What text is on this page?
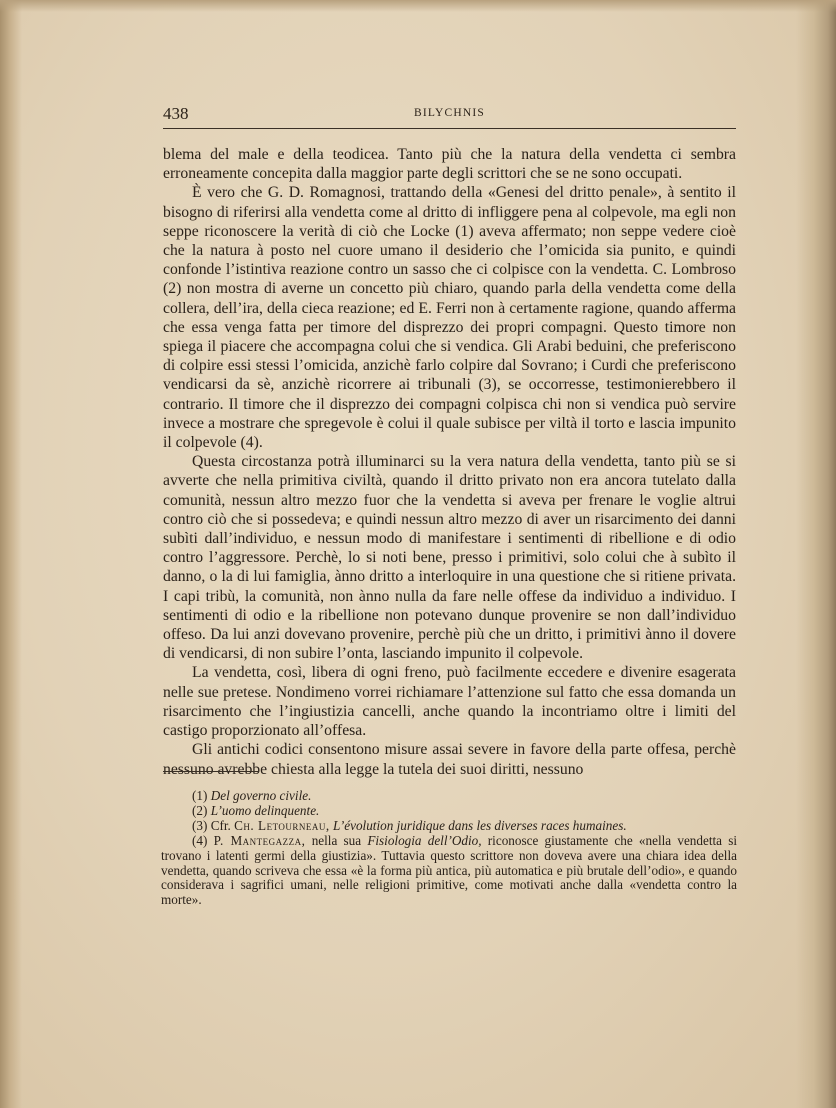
438	BILYCHNIS

blema del male e della teodicea. Tanto più che la natura della vendetta ci sembra erroneamente concepita dalla maggior parte degli scrittori che se ne sono occupati.

È vero che G. D. Romagnosi, trattando della «Genesi del dritto penale», à sentito il bisogno di riferirsi alla vendetta come al dritto di infliggere pena al colpevole, ma egli non seppe riconoscere la verità di ciò che Locke (1) aveva affermato; non seppe vedere cioè che la natura à posto nel cuore umano il desiderio che l’omicida sia punito, e quindi confonde l’istintiva reazione contro un sasso che ci colpisce con la vendetta. C. Lombroso (2) non mostra di averne un concetto più chiaro, quando parla della vendetta come della collera, dell’ira, della cieca reazione; ed E. Ferri non à certamente ragione, quando afferma che essa venga fatta per timore del disprezzo dei propri compagni. Questo timore non spiega il piacere che accompagna colui che si vendica. Gli Arabi beduini, che preferiscono di colpire essi stessi l’omicida, anzichè farlo colpire dal Sovrano; i Curdi che preferiscono vendicarsi da sè, anzichè ricorrere ai tribunali (3), se occorresse, testimonierebbero il contrario. Il timore che il disprezzo dei compagni colpisca chi non si vendica può servire invece a mostrare che spregevole è colui il quale subisce per viltà il torto e lascia impunito il colpevole (4).

Questa circostanza potrà illuminarci su la vera natura della vendetta, tanto più se si avverte che nella primitiva civiltà, quando il dritto privato non era ancora tutelato dalla comunità, nessun altro mezzo fuor che la vendetta si aveva per frenare le voglie altrui contro ciò che si possedeva; e quindi nessun altro mezzo di aver un risarcimento dei danni subìti dall’individuo, e nessun modo di manifestare i sentimenti di ribellione e di odio contro l’aggressore. Perchè, lo si noti bene, presso i primitivi, solo colui che à subìto il danno, o la di lui famiglia, ànno dritto a interloquire in una questione che si ritiene privata. I capi tribù, la comunità, non ànno nulla da fare nelle offese da individuo a individuo. I sentimenti di odio e la ribellione non potevano dunque provenire se non dall’individuo offeso. Da lui anzi dovevano provenire, perchè più che un dritto, i primitivi ànno il dovere di vendicarsi, di non subire l’onta, lasciando impunito il colpevole.

La vendetta, così, libera di ogni freno, può facilmente eccedere e divenire esagerata nelle sue pretese. Nondimeno vorrei richiamare l’attenzione sul fatto che essa domanda un risarcimento che l’ingiustizia cancelli, anche quando la incontriamo oltre i limiti del castigo proporzionato all’offesa.

Gli antichi codici consentono misure assai severe in favore della parte offesa, perchè nessuno avrebbe chiesta alla legge la tutela dei suoi diritti, nessuno

(1) Del governo civile.

(2) L’uomo delinquente.

(3) Cfr. Ch. Letourneau, L’évolution juridique dans les diverses races humaines.

(4) P. Mantegazza, nella sua Fisiologia dell’Odio, riconosce giustamente che «nella vendetta si trovano i latenti germi della giustizia». Tuttavia questo scrittore non doveva avere una chiara idea della vendetta, quando scriveva che essa «è la forma più antica, più automatica e più brutale dell’odio», e quando considerava i sagrifici umani, nelle religioni primitive, come motivati anche dalla «vendetta contro la morte».
